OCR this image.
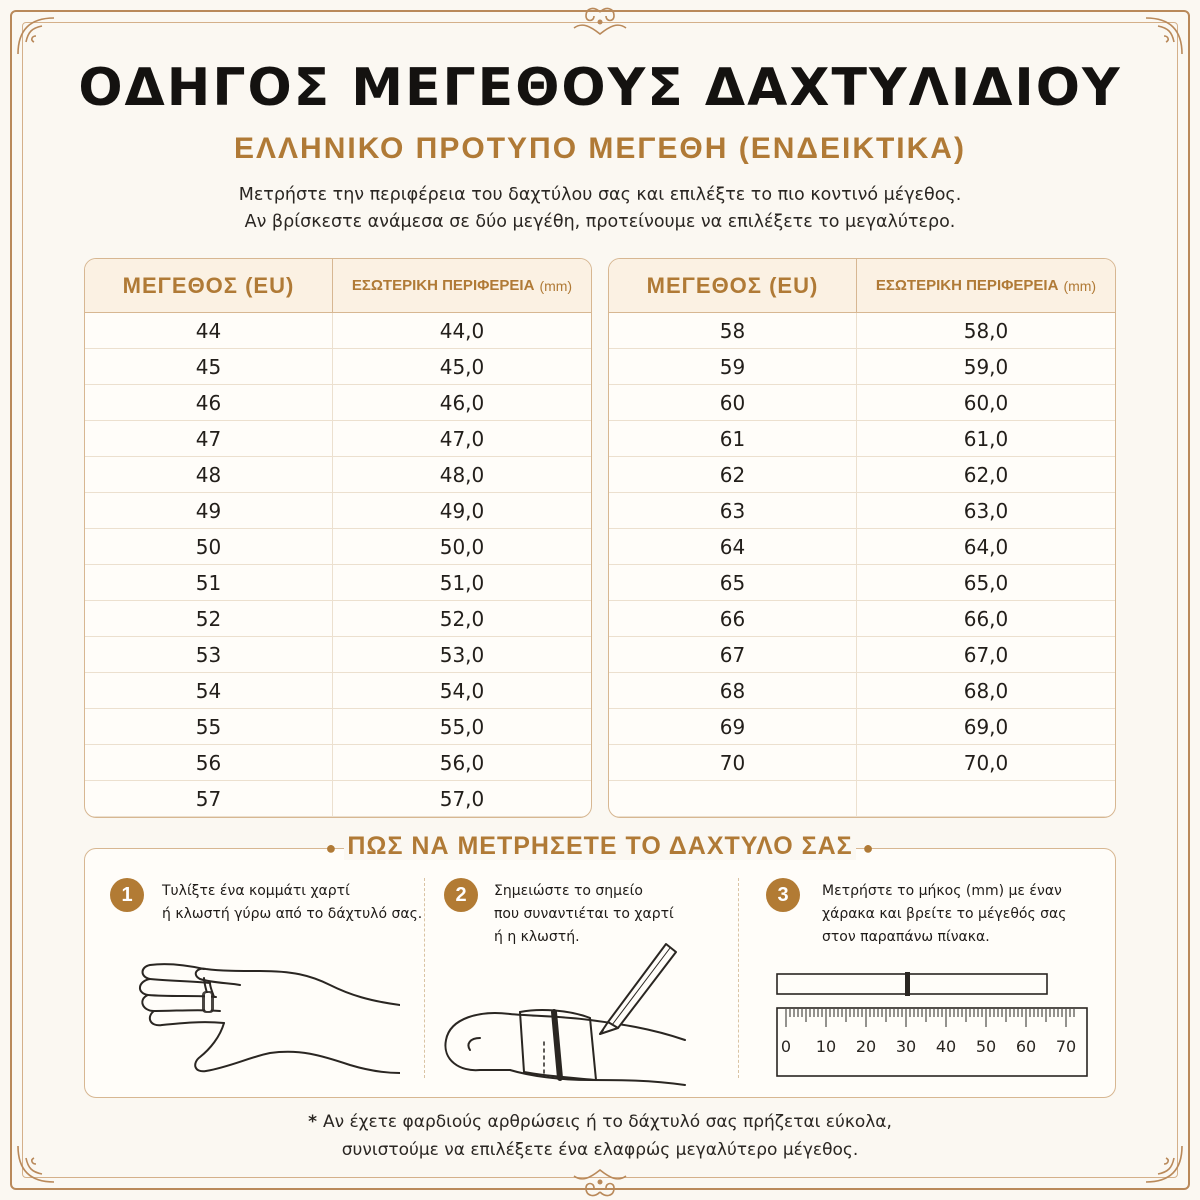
ΟΔΗΓΟΣ ΜΕΓΕΘΟΥΣ ΔΑΧΤΥΛΙΔΙΟΥ
ΕΛΛΗΝΙΚΟ ΠΡΟΤΥΠΟ ΜΕΓΕΘΗ (ΕΝΔΕΙΚΤΙΚΑ)
Μετρήστε την περιφέρεια του δαχτύλου σας και επιλέξτε το πιο κοντινό μέγεθος.
Αν βρίσκεστε ανάμεσα σε δύο μεγέθη, προτείνουμε να επιλέξετε το μεγαλύτερο.
ΜΕΓΕΘΟΣ (EU)	ΕΣΩΤΕΡΙΚΗ ΠΕΡΙΦΕΡΕΙΑ (mm)
44	44,0
45	45,0
46	46,0
47	47,0
48	48,0
49	49,0
50	50,0
51	51,0
52	52,0
53	53,0
54	54,0
55	55,0
56	56,0
57	57,0
ΜΕΓΕΘΟΣ (EU)	ΕΣΩΤΕΡΙΚΗ ΠΕΡΙΦΕΡΕΙΑ (mm)
58	58,0
59	59,0
60	60,0
61	61,0
62	62,0
63	63,0
64	64,0
65	65,0
66	66,0
67	67,0
68	68,0
69	69,0
70	70,0
● ΠΩΣ ΝΑ ΜΕΤΡΗΣΕΤΕ ΤΟ ΔΑΧΤΥΛΟ ΣΑΣ ●
1	Τυλίξτε ένα κομμάτι χαρτί
ή κλωστή γύρω από το δάχτυλό σας.
2	Σημειώστε το σημείο
που συναντιέται το χαρτί
ή η κλωστή.
3	Μετρήστε το μήκος (mm) με έναν
χάρακα και βρείτε το μέγεθός σας
στον παραπάνω πίνακα.
0 10 20 30 40 50 60 70
* Αν έχετε φαρδιούς αρθρώσεις ή το δάχτυλό σας πρήζεται εύκολα,
συνιστούμε να επιλέξετε ένα ελαφρώς μεγαλύτερο μέγεθος.
